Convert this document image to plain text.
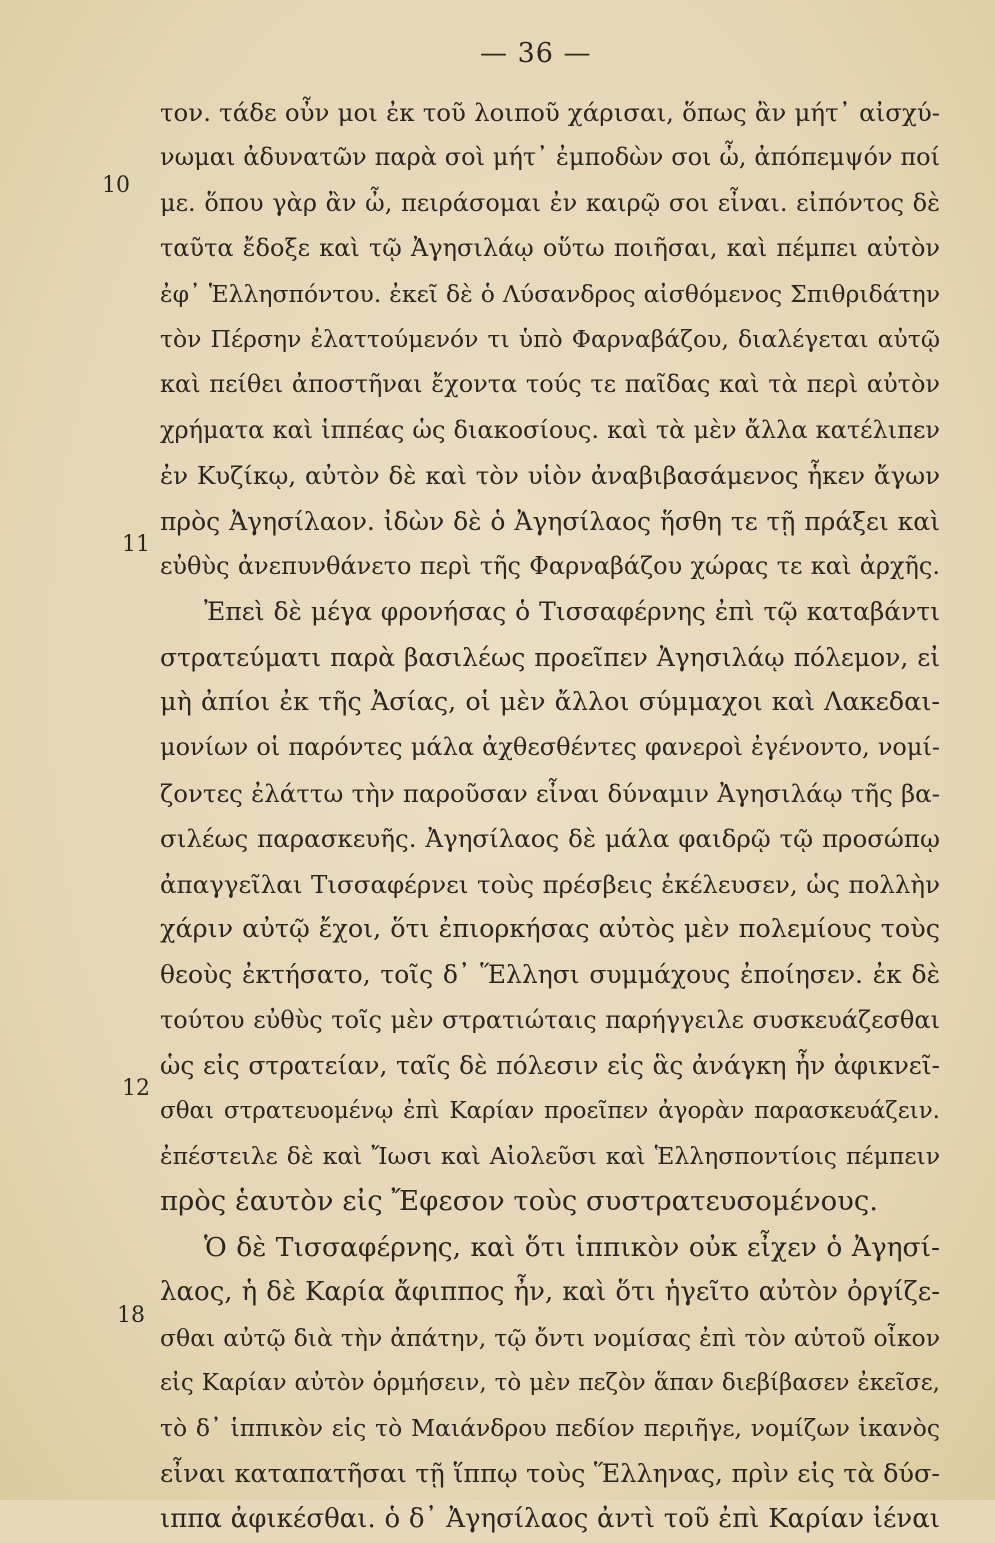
— 36 —
10
11
12
18
τον. τάδε οὖν μοι ἐκ τοῦ λοιποῦ χάρισαι, ὅπως ἂν μήτ᾽ αἰσχύ-
νωμαι ἀδυνατῶν παρὰ σοὶ μήτ᾽ ἐμποδὼν σοι ὦ, ἀπόπεμψόν ποί
με. ὅπου γὰρ ἂν ὦ, πειράσομαι ἐν καιρῷ σοι εἶναι. εἰπόντος δὲ
ταῦτα ἔδοξε καὶ τῷ Ἀγησιλάῳ οὕτω ποιῆσαι, καὶ πέμπει αὐτὸν
ἐφ᾽ Ἑλλησπόντου. ἐκεῖ δὲ ὁ Λύσανδρος αἰσθόμενος Σπιθριδάτην
τὸν Πέρσην ἐλαττούμενόν τι ὑπὸ Φαρναβάζου, διαλέγεται αὐτῷ
καὶ πείθει ἀποστῆναι ἔχοντα τούς τε παῖδας καὶ τὰ περὶ αὐτὸν
χρήματα καὶ ἱππέας ὡς διακοσίους. καὶ τὰ μὲν ἄλλα κατέλιπεν
ἐν Κυζίκῳ, αὐτὸν δὲ καὶ τὸν υἱὸν ἀναβιβασάμενος ἧκεν ἄγων
πρὸς Ἀγησίλαον. ἰδὼν δὲ ὁ Ἀγησίλαος ἥσθη τε τῇ πράξει καὶ
εὐθὺς ἀνεπυνθάνετο περὶ τῆς Φαρναβάζου χώρας τε καὶ ἀρχῆς.
Ἐπεὶ δὲ μέγα φρονήσας ὁ Τισσαφέρνης ἐπὶ τῷ καταβάντι
στρατεύματι παρὰ βασιλέως προεῖπεν Ἀγησιλάῳ πόλεμον, εἰ
μὴ ἀπίοι ἐκ τῆς Ἀσίας, οἱ μὲν ἄλλοι σύμμαχοι καὶ Λακεδαι-
μονίων οἱ παρόντες μάλα ἀχθεσθέντες φανεροὶ ἐγένοντο, νομί-
ζοντες ἐλάττω τὴν παροῦσαν εἶναι δύναμιν Ἀγησιλάῳ τῆς βα-
σιλέως παρασκευῆς. Ἀγησίλαος δὲ μάλα φαιδρῷ τῷ προσώπῳ
ἀπαγγεῖλαι Τισσαφέρνει τοὺς πρέσβεις ἐκέλευσεν, ὡς πολλὴν
χάριν αὐτῷ ἔχοι, ὅτι ἐπιορκήσας αὐτὸς μὲν πολεμίους τοὺς
θεοὺς ἐκτήσατο, τοῖς δ᾽ Ἕλλησι συμμάχους ἐποίησεν. ἐκ δὲ
τούτου εὐθὺς τοῖς μὲν στρατιώταις παρήγγειλε συσκευάζεσθαι
ὡς εἰς στρατείαν, ταῖς δὲ πόλεσιν εἰς ἃς ἀνάγκη ἦν ἀφικνεῖ-
σθαι στρατευομένῳ ἐπὶ Καρίαν προεῖπεν ἀγορὰν παρασκευάζειν.
ἐπέστειλε δὲ καὶ Ἴωσι καὶ Αἰολεῦσι καὶ Ἑλλησποντίοις πέμπειν
πρὸς ἑαυτὸν εἰς Ἔφεσον τοὺς συστρατευσομένους.
Ὁ δὲ Τισσαφέρνης, καὶ ὅτι ἱππικὸν οὐκ εἶχεν ὁ Ἀγησί-
λαος, ἡ δὲ Καρία ἄφιππος ἦν, καὶ ὅτι ἡγεῖτο αὐτὸν ὀργίζε-
σθαι αὐτῷ διὰ τὴν ἀπάτην, τῷ ὄντι νομίσας ἐπὶ τὸν αὑτοῦ οἶκον
εἰς Καρίαν αὐτὸν ὁρμήσειν, τὸ μὲν πεζὸν ἅπαν διεβίβασεν ἐκεῖσε,
τὸ δ᾽ ἱππικὸν εἰς τὸ Μαιάνδρου πεδίον περιῆγε, νομίζων ἱκανὸς
εἶναι καταπατῆσαι τῇ ἵππῳ τοὺς Ἕλληνας, πρὶν εἰς τὰ δύσ-
ιππα ἀφικέσθαι. ὁ δ᾽ Ἀγησίλαος ἀντὶ τοῦ ἐπὶ Καρίαν ἰέναι
